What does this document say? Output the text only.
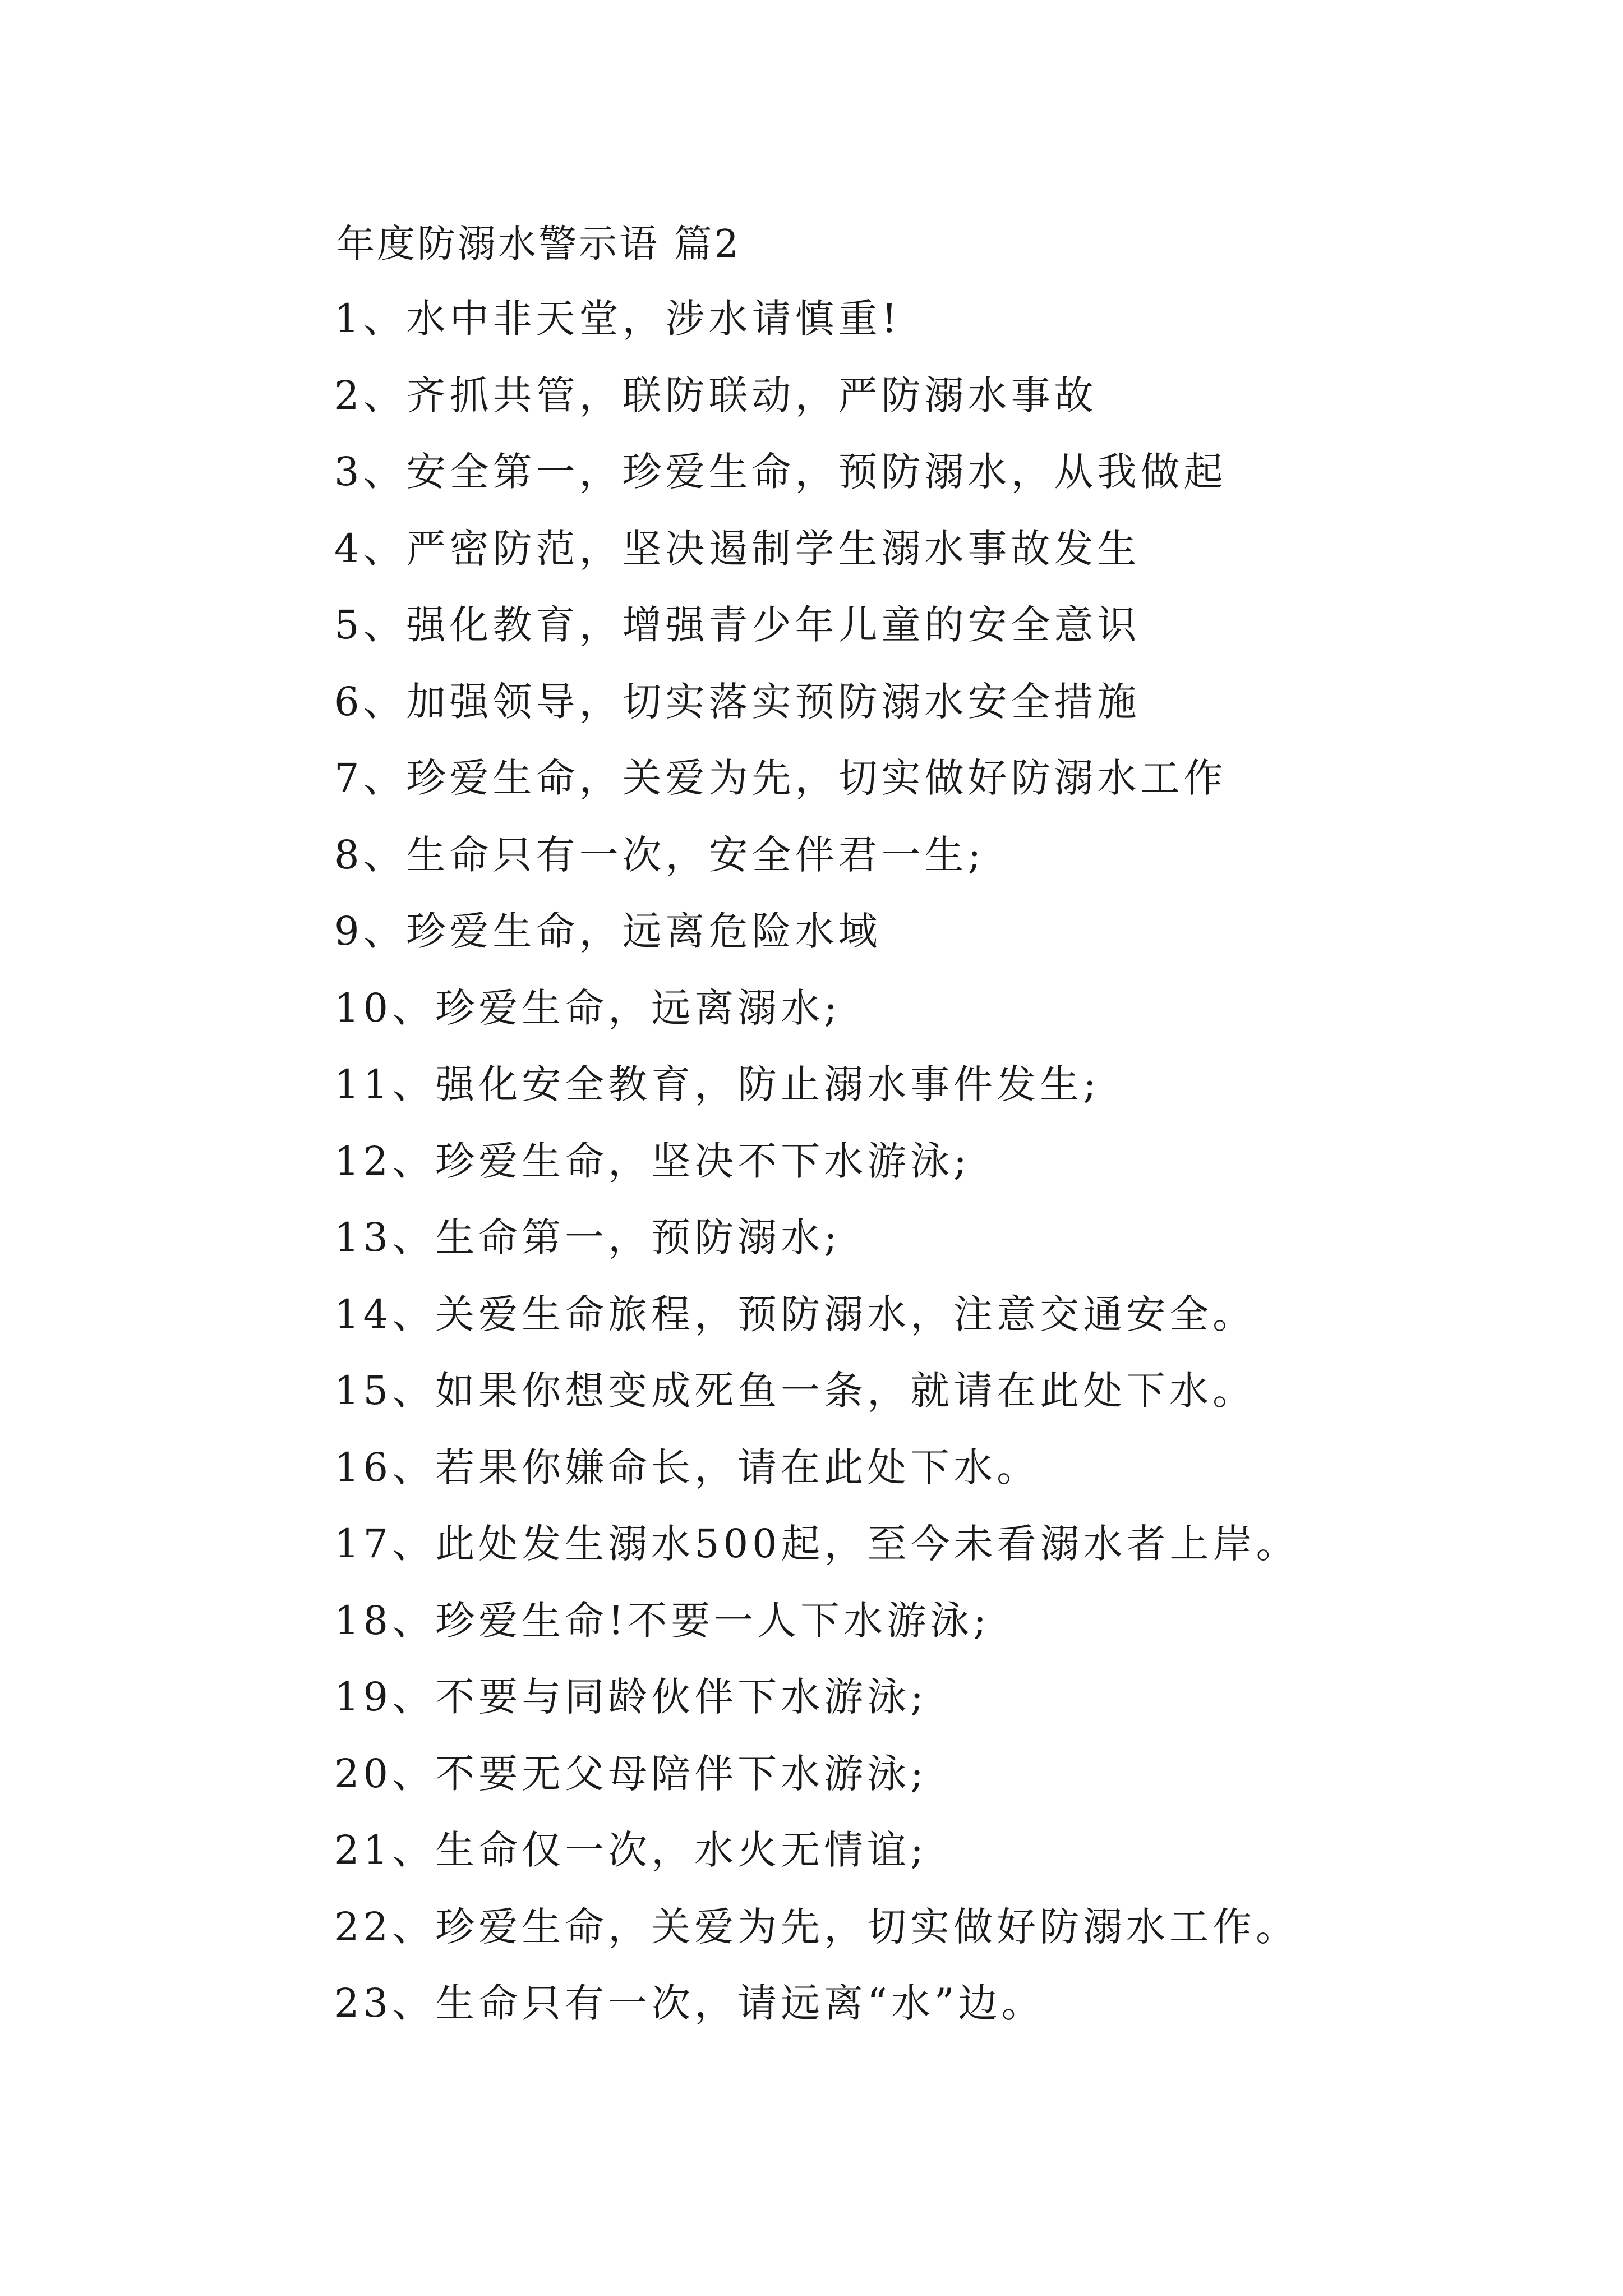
年度防溺水警示语 篇2
1、水中非天堂，涉水请慎重!
2、齐抓共管，联防联动，严防溺水事故
3、安全第一，珍爱生命，预防溺水，从我做起
4、严密防范，坚决遏制学生溺水事故发生
5、强化教育，增强青少年儿童的安全意识
6、加强领导，切实落实预防溺水安全措施
7、珍爱生命，关爱为先，切实做好防溺水工作
8、生命只有一次，安全伴君一生;
9、珍爱生命，远离危险水域
10、珍爱生命，远离溺水;
11、强化安全教育，防止溺水事件发生;
12、珍爱生命，坚决不下水游泳;
13、生命第一，预防溺水;
14、关爱生命旅程，预防溺水，注意交通安全。
15、如果你想变成死鱼一条，就请在此处下水。
16、若果你嫌命长，请在此处下水。
17、此处发生溺水500起，至今未看溺水者上岸。
18、珍爱生命!不要一人下水游泳;
19、不要与同龄伙伴下水游泳;
20、不要无父母陪伴下水游泳;
21、生命仅一次，水火无情谊;
22、珍爱生命，关爱为先，切实做好防溺水工作。
23、生命只有一次，请远离“水”边。
